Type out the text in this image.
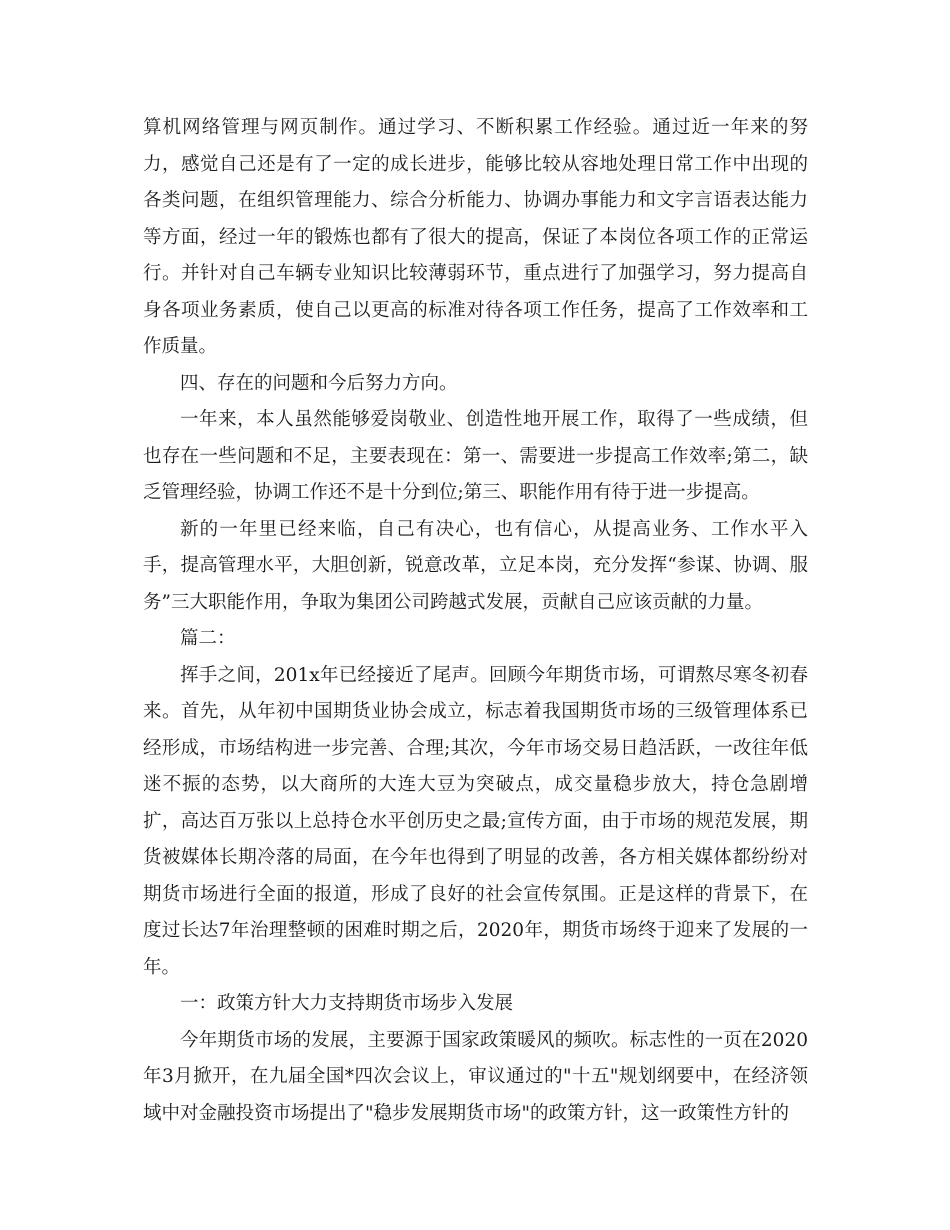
算机网络管理与网页制作。通过学习、不断积累工作经验。通过近一年来的努力，感觉自己还是有了一定的成长进步，能够比较从容地处理日常工作中出现的各类问题，在组织管理能力、综合分析能力、协调办事能力和文字言语表达能力等方面，经过一年的锻炼也都有了很大的提高，保证了本岗位各项工作的正常运行。并针对自己车辆专业知识比较薄弱环节，重点进行了加强学习，努力提高自身各项业务素质，使自己以更高的标准对待各项工作任务，提高了工作效率和工作质量。

四、存在的问题和今后努力方向。

一年来，本人虽然能够爱岗敬业、创造性地开展工作，取得了一些成绩，但也存在一些问题和不足，主要表现在：第一、需要进一步提高工作效率;第二，缺乏管理经验，协调工作还不是十分到位;第三、职能作用有待于进一步提高。

新的一年里已经来临，自己有决心，也有信心，从提高业务、工作水平入手，提高管理水平，大胆创新，锐意改革，立足本岗，充分发挥“参谋、协调、服务”三大职能作用，争取为集团公司跨越式发展，贡献自己应该贡献的力量。

篇二：

挥手之间，201x年已经接近了尾声。回顾今年期货市场，可谓熬尽寒冬初春来。首先，从年初中国期货业协会成立，标志着我国期货市场的三级管理体系已经形成，市场结构进一步完善、合理;其次，今年市场交易日趋活跃，一改往年低迷不振的态势，以大商所的大连大豆为突破点，成交量稳步放大，持仓急剧增扩，高达百万张以上总持仓水平创历史之最;宣传方面，由于市场的规范发展，期货被媒体长期冷落的局面，在今年也得到了明显的改善，各方相关媒体都纷纷对期货市场进行全面的报道，形成了良好的社会宣传氛围。正是这样的背景下，在度过长达7年治理整顿的困难时期之后，2020年，期货市场终于迎来了发展的一年。

一：政策方针大力支持期货市场步入发展

今年期货市场的发展，主要源于国家政策暖风的频吹。标志性的一页在2020年3月掀开，在九届全国*四次会议上，审议通过的"十五"规划纲要中，在经济领域中对金融投资市场提出了"稳步发展期货市场"的政策方针，这一政策性方针的
